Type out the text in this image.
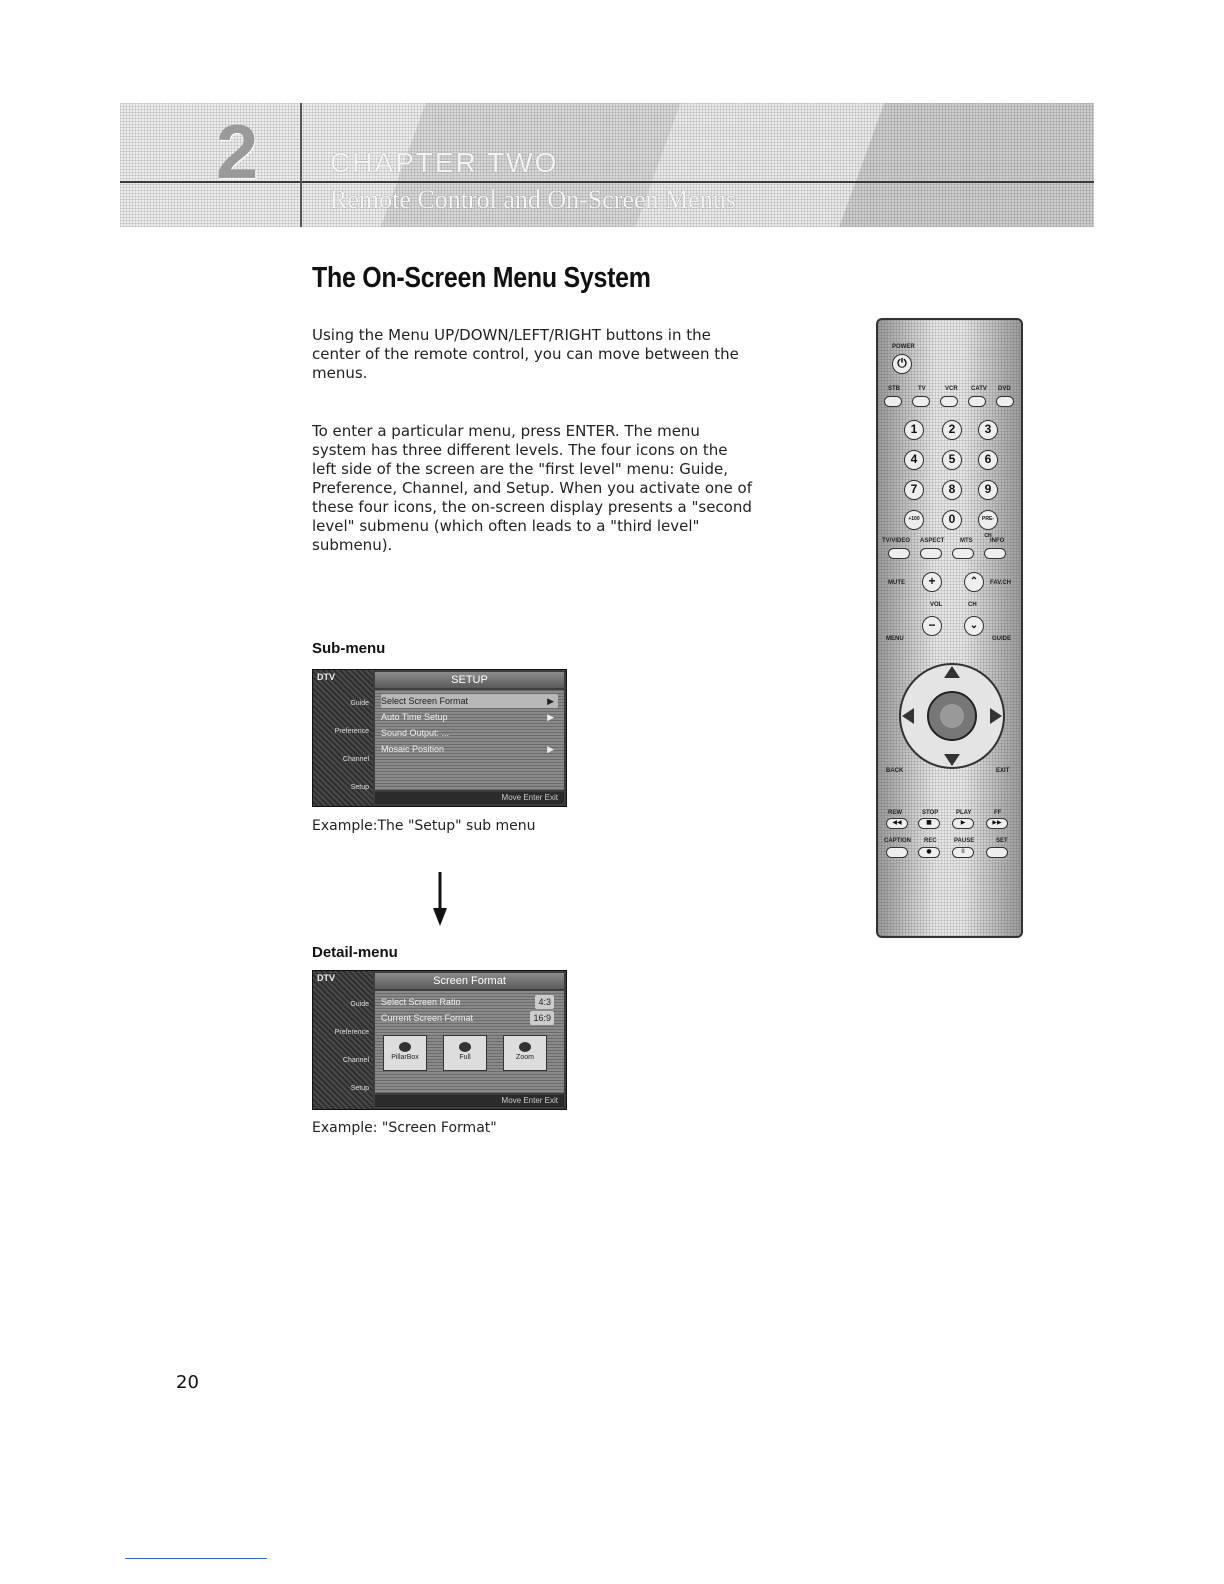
2	CHAPTER TWO
Remote Control and On-Screen Menus
The On-Screen Menu System

Using the Menu UP/DOWN/LEFT/RIGHT buttons in the center of the remote control, you can move between the menus.

To enter a particular menu, press ENTER. The menu system has three different levels. The four icons on the left side of the screen are the "first level" menu: Guide, Preference, Channel, and Setup. When you activate one of these four icons, the on-screen display presents a "second level" submenu (which often leads to a "third level" submenu).

Sub-menu

DTV
Guide
Preference
Channel
Setup
SETUP
Select Screen Format	▶
Auto Time Setup	▶
Sound Output: ...
Mosaic Position	▶
Move Enter Exit

Example:The "Setup" sub menu

Detail-menu

DTV
Guide
Preference
Channel
Setup
Screen Format
Select Screen Ratio	4:3
Current Screen Format	16:9
PillarBox	Full	Zoom
Move Enter Exit

Example: "Screen Format"

POWER
⏻
STB	TV	VCR CATV DVD
1	2	3
4	5	6
7	8	9
+100	0	PRE-CH
TV/VIDEO ASPECT	MTS	INFO
MUTE	+	⌃	FAV.CH
VOL	CH
−	⌄
MENU	GUIDE
BACK	EXIT
REW	STOP	PLAY	FF
◀◀	■	▶	▶▶
CAPTION REC	PAUSE	SET
●	II

20
